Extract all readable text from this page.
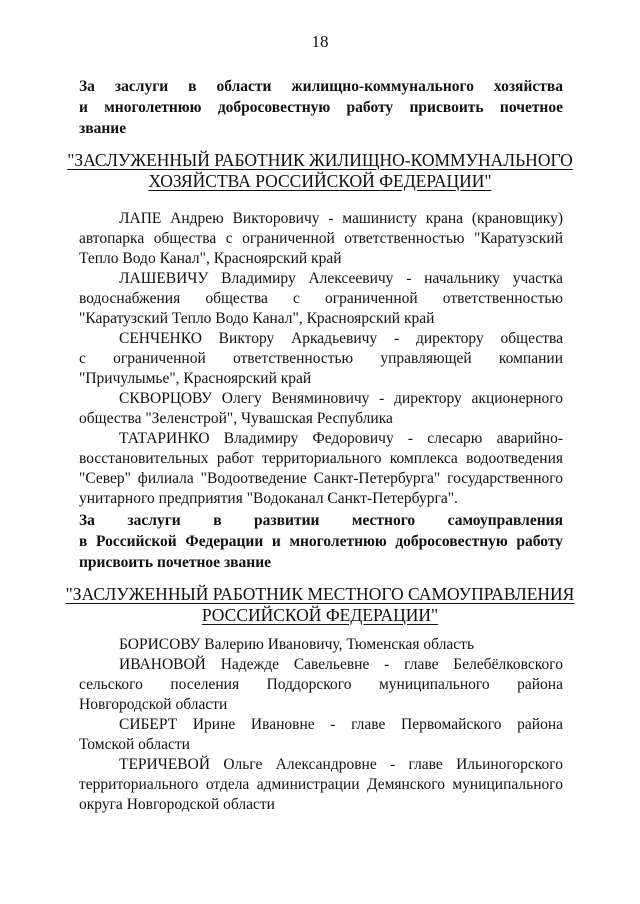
18
За заслуги в области жилищно-коммунального хозяйства
и многолетнюю добросовестную работу присвоить почетное
звание
"ЗАСЛУЖЕННЫЙ РАБОТНИК ЖИЛИЩНО-КОММУНАЛЬНОГО
ХОЗЯЙСТВА РОССИЙСКОЙ ФЕДЕРАЦИИ"

ЛАПЕ Андрею Викторовичу - машинисту крана (крановщику)
автопарка общества с ограниченной ответственностью "Каратузский
Тепло Водо Канал", Красноярский край

ЛАШЕВИЧУ Владимиру Алексеевичу - начальнику участка
водоснабжения общества с ограниченной ответственностью
"Каратузский Тепло Водо Канал", Красноярский край

СЕНЧЕНКО Виктору Аркадьевичу - директору общества
с ограниченной ответственностью управляющей компании
"Причулымье", Красноярский край

СКВОРЦОВУ Олегу Веняминовичу - директору акционерного
общества "Зеленстрой", Чувашская Республика

ТАТАРИНКО Владимиру Федоровичу - слесарю аварийно-
восстановительных работ территориального комплекса водоотведения
"Север" филиала "Водоотведение Санкт-Петербурга" государственного
унитарного предприятия "Водоканал Санкт-Петербурга".

За заслуги в развитии местного самоуправления
в Российской Федерации и многолетнюю добросовестную работу
присвоить почетное звание
"ЗАСЛУЖЕННЫЙ РАБОТНИК МЕСТНОГО САМОУПРАВЛЕНИЯ
РОССИЙСКОЙ ФЕДЕРАЦИИ"

БОРИСОВУ Валерию Ивановичу, Тюменская область

ИВАНОВОЙ Надежде Савельевне - главе Белебёлковского
сельского поселения Поддорского муниципального района
Новгородской области

СИБЕРТ Ирине Ивановне - главе Первомайского района
Томской области

ТЕРИЧЕВОЙ Ольге Александровне - главе Ильиногорского
территориального отдела администрации Демянского муниципального
округа Новгородской области
